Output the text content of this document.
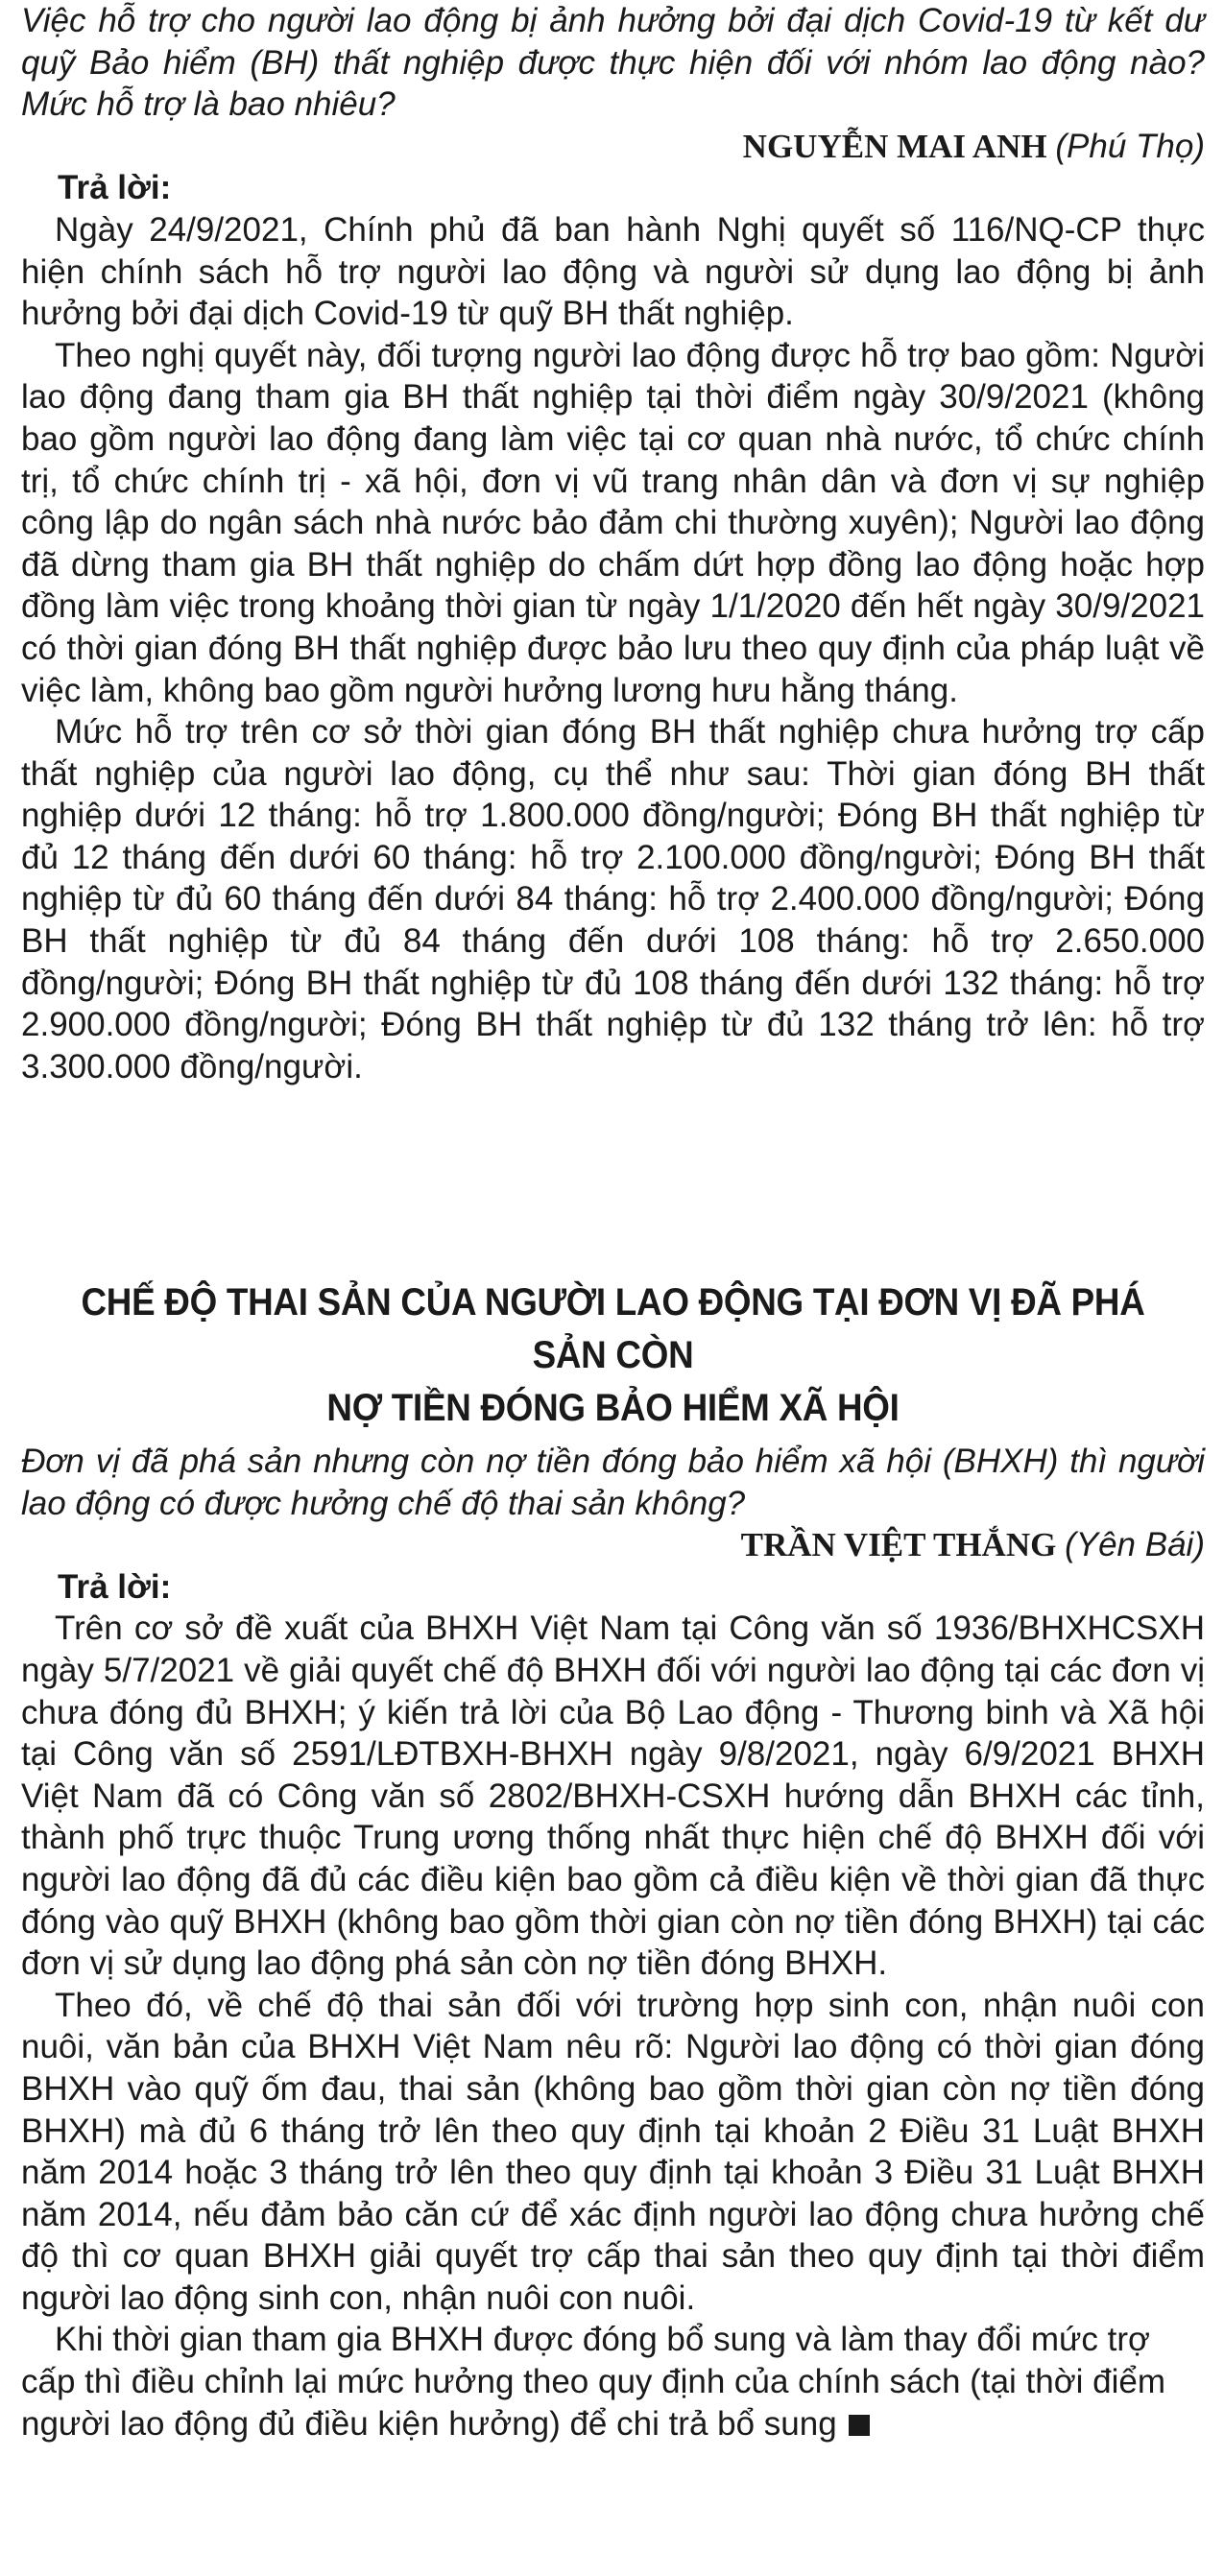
Việc hỗ trợ cho người lao động bị ảnh hưởng bởi đại dịch Covid-19 từ kết dư quỹ Bảo hiểm (BH) thất nghiệp được thực hiện đối với nhóm lao động nào? Mức hỗ trợ là bao nhiêu?

NGUYỄN MAI ANH (Phú Thọ)

Trả lời:

Ngày 24/9/2021, Chính phủ đã ban hành Nghị quyết số 116/NQ-CP thực hiện chính sách hỗ trợ người lao động và người sử dụng lao động bị ảnh hưởng bởi đại dịch Covid-19 từ quỹ BH thất nghiệp.

Theo nghị quyết này, đối tượng người lao động được hỗ trợ bao gồm: Người lao động đang tham gia BH thất nghiệp tại thời điểm ngày 30/9/2021 (không bao gồm người lao động đang làm việc tại cơ quan nhà nước, tổ chức chính trị, tổ chức chính trị - xã hội, đơn vị vũ trang nhân dân và đơn vị sự nghiệp công lập do ngân sách nhà nước bảo đảm chi thường xuyên); Người lao động đã dừng tham gia BH thất nghiệp do chấm dứt hợp đồng lao động hoặc hợp đồng làm việc trong khoảng thời gian từ ngày 1/1/2020 đến hết ngày 30/9/2021 có thời gian đóng BH thất nghiệp được bảo lưu theo quy định của pháp luật về việc làm, không bao gồm người hưởng lương hưu hằng tháng.

Mức hỗ trợ trên cơ sở thời gian đóng BH thất nghiệp chưa hưởng trợ cấp thất nghiệp của người lao động, cụ thể như sau: Thời gian đóng BH thất nghiệp dưới 12 tháng: hỗ trợ 1.800.000 đồng/người; Đóng BH thất nghiệp từ đủ 12 tháng đến dưới 60 tháng: hỗ trợ 2.100.000 đồng/người; Đóng BH thất nghiệp từ đủ 60 tháng đến dưới 84 tháng: hỗ trợ 2.400.000 đồng/người; Đóng BH thất nghiệp từ đủ 84 tháng đến dưới 108 tháng: hỗ trợ 2.650.000 đồng/người; Đóng BH thất nghiệp từ đủ 108 tháng đến dưới 132 tháng: hỗ trợ 2.900.000 đồng/người; Đóng BH thất nghiệp từ đủ 132 tháng trở lên: hỗ trợ 3.300.000 đồng/người.

CHẾ ĐỘ THAI SẢN CỦA NGƯỜI LAO ĐỘNG TẠI ĐƠN VỊ ĐÃ PHÁ SẢN CÒN

NỢ TIỀN ĐÓNG BẢO HIỂM XÃ HỘI

Đơn vị đã phá sản nhưng còn nợ tiền đóng bảo hiểm xã hội (BHXH) thì người lao động có được hưởng chế độ thai sản không?

TRẦN VIỆT THẮNG (Yên Bái)

Trả lời:

Trên cơ sở đề xuất của BHXH Việt Nam tại Công văn số 1936/BHXHCSXH ngày 5/7/2021 về giải quyết chế độ BHXH đối với người lao động tại các đơn vị chưa đóng đủ BHXH; ý kiến trả lời của Bộ Lao động - Thương binh và Xã hội tại Công văn số 2591/LĐTBXH-BHXH ngày 9/8/2021, ngày 6/9/2021 BHXH Việt Nam đã có Công văn số 2802/BHXH-CSXH hướng dẫn BHXH các tỉnh, thành phố trực thuộc Trung ương thống nhất thực hiện chế độ BHXH đối với người lao động đã đủ các điều kiện bao gồm cả điều kiện về thời gian đã thực đóng vào quỹ BHXH (không bao gồm thời gian còn nợ tiền đóng BHXH) tại các đơn vị sử dụng lao động phá sản còn nợ tiền đóng BHXH.

Theo đó, về chế độ thai sản đối với trường hợp sinh con, nhận nuôi con nuôi, văn bản của BHXH Việt Nam nêu rõ: Người lao động có thời gian đóng BHXH vào quỹ ốm đau, thai sản (không bao gồm thời gian còn nợ tiền đóng BHXH) mà đủ 6 tháng trở lên theo quy định tại khoản 2 Điều 31 Luật BHXH năm 2014 hoặc 3 tháng trở lên theo quy định tại khoản 3 Điều 31 Luật BHXH năm 2014, nếu đảm bảo căn cứ để xác định người lao động chưa hưởng chế độ thì cơ quan BHXH giải quyết trợ cấp thai sản theo quy định tại thời điểm người lao động sinh con, nhận nuôi con nuôi.

Khi thời gian tham gia BHXH được đóng bổ sung và làm thay đổi mức trợ cấp thì điều chỉnh lại mức hưởng theo quy định của chính sách (tại thời điểm người lao động đủ điều kiện hưởng) để chi trả bổ sung
